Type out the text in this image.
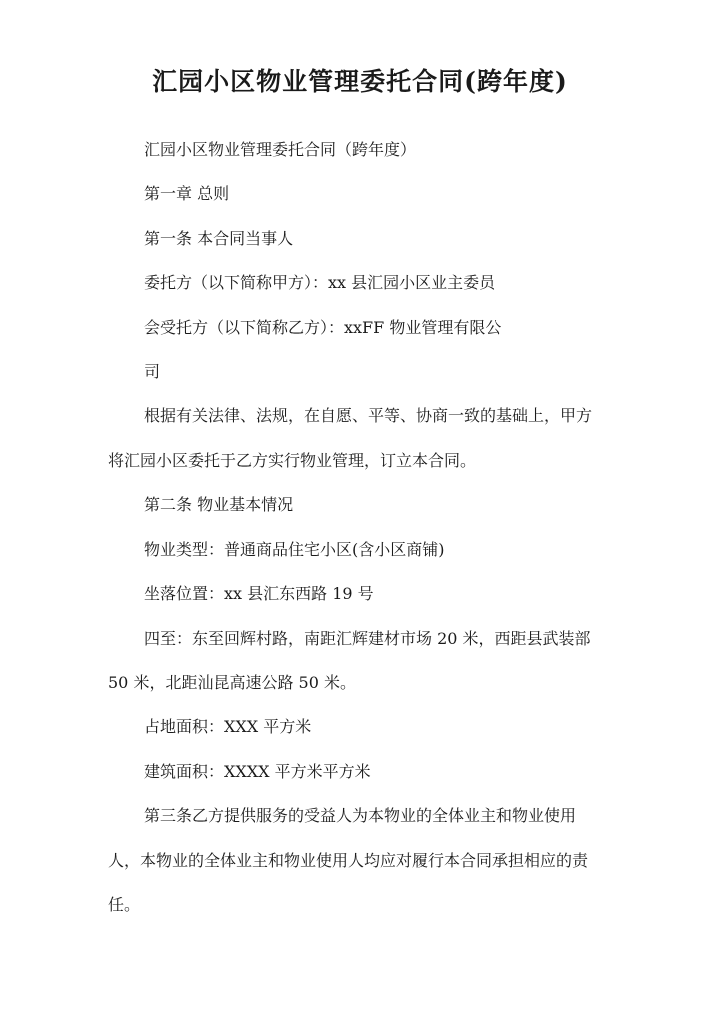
汇园小区物业管理委托合同(跨年度)
汇园小区物业管理委托合同（跨年度）
第一章 总则
第一条 本合同当事人
委托方（以下简称甲方）：xx 县汇园小区业主委员
会受托方（以下简称乙方）：xxFF 物业管理有限公
司
根据有关法律、法规，在自愿、平等、协商一致的基础上，甲方
将汇园小区委托于乙方实行物业管理，订立本合同。
第二条 物业基本情况
物业类型：普通商品住宅小区(含小区商铺)
坐落位置：xx 县汇东西路 19 号
四至：东至回辉村路，南距汇辉建材市场 20 米，西距县武装部
50 米，北距汕昆高速公路 50 米。
占地面积：XXX 平方米
建筑面积：XXXX 平方米平方米
第三条乙方提供服务的受益人为本物业的全体业主和物业使用
人，本物业的全体业主和物业使用人均应对履行本合同承担相应的责
任。
